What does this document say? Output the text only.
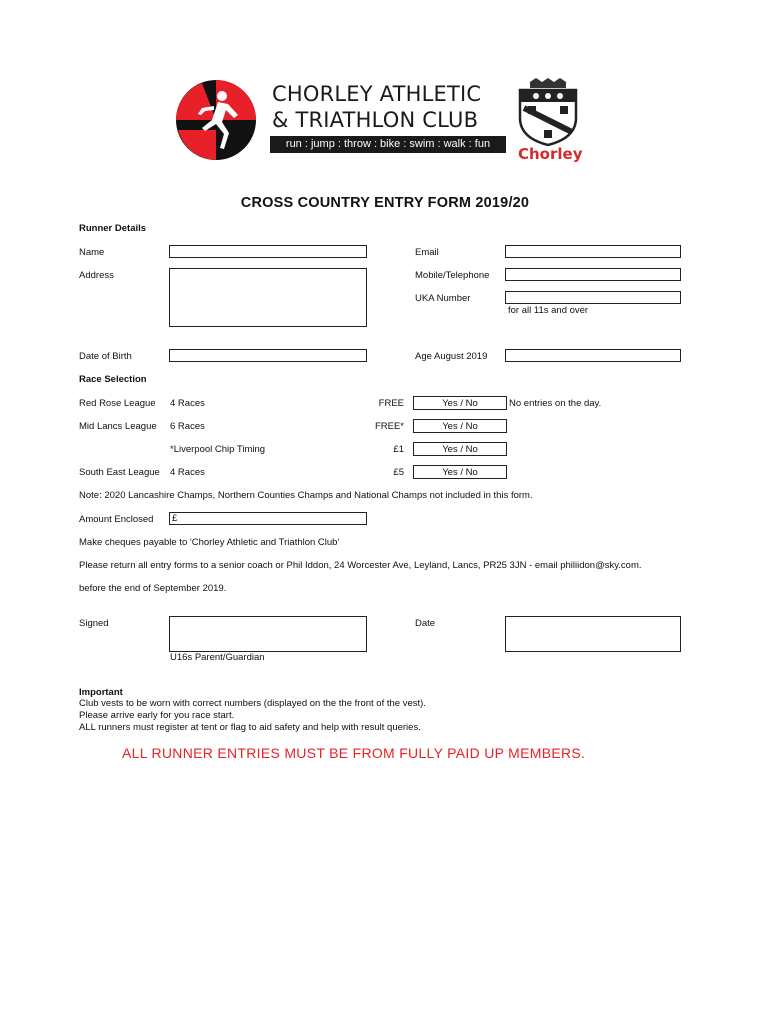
CHORLEY ATHLETIC
& TRIATHLON CLUB
run : jump : throw : bike : swim : walk : fun
Chorley
CROSS COUNTRY ENTRY FORM 2019/20
Runner Details
Name	Email
Address	Mobile/Telephone
UKA Number
for all 11s and over
Date of Birth	Age August 2019
Race Selection
Red Rose League 4 Races	FREE	Yes / No	No entries on the day.
Mid Lancs League 6 Races	FREE*	Yes / No
*Liverpool Chip Timing	£1	Yes / No
South East League 4 Races	£5	Yes / No
Note: 2020 Lancashire Champs, Northern Counties Champs and National Champs not included in this form.
Amount Enclosed	£
Make cheques payable to 'Chorley Athletic and Triathlon Club'
Please return all entry forms to a senior coach or Phil Iddon, 24 Worcester Ave, Leyland, Lancs, PR25 3JN - email philiidon@sky.com.
before the end of September 2019.
Signed	Date
U16s Parent/Guardian
Important
Club vests to be worn with correct numbers (displayed on the the front of the vest).
Please arrive early for you race start.
ALL runners must register at tent or flag to aid safety and help with result queries.
ALL RUNNER ENTRIES MUST BE FROM FULLY PAID UP MEMBERS.
